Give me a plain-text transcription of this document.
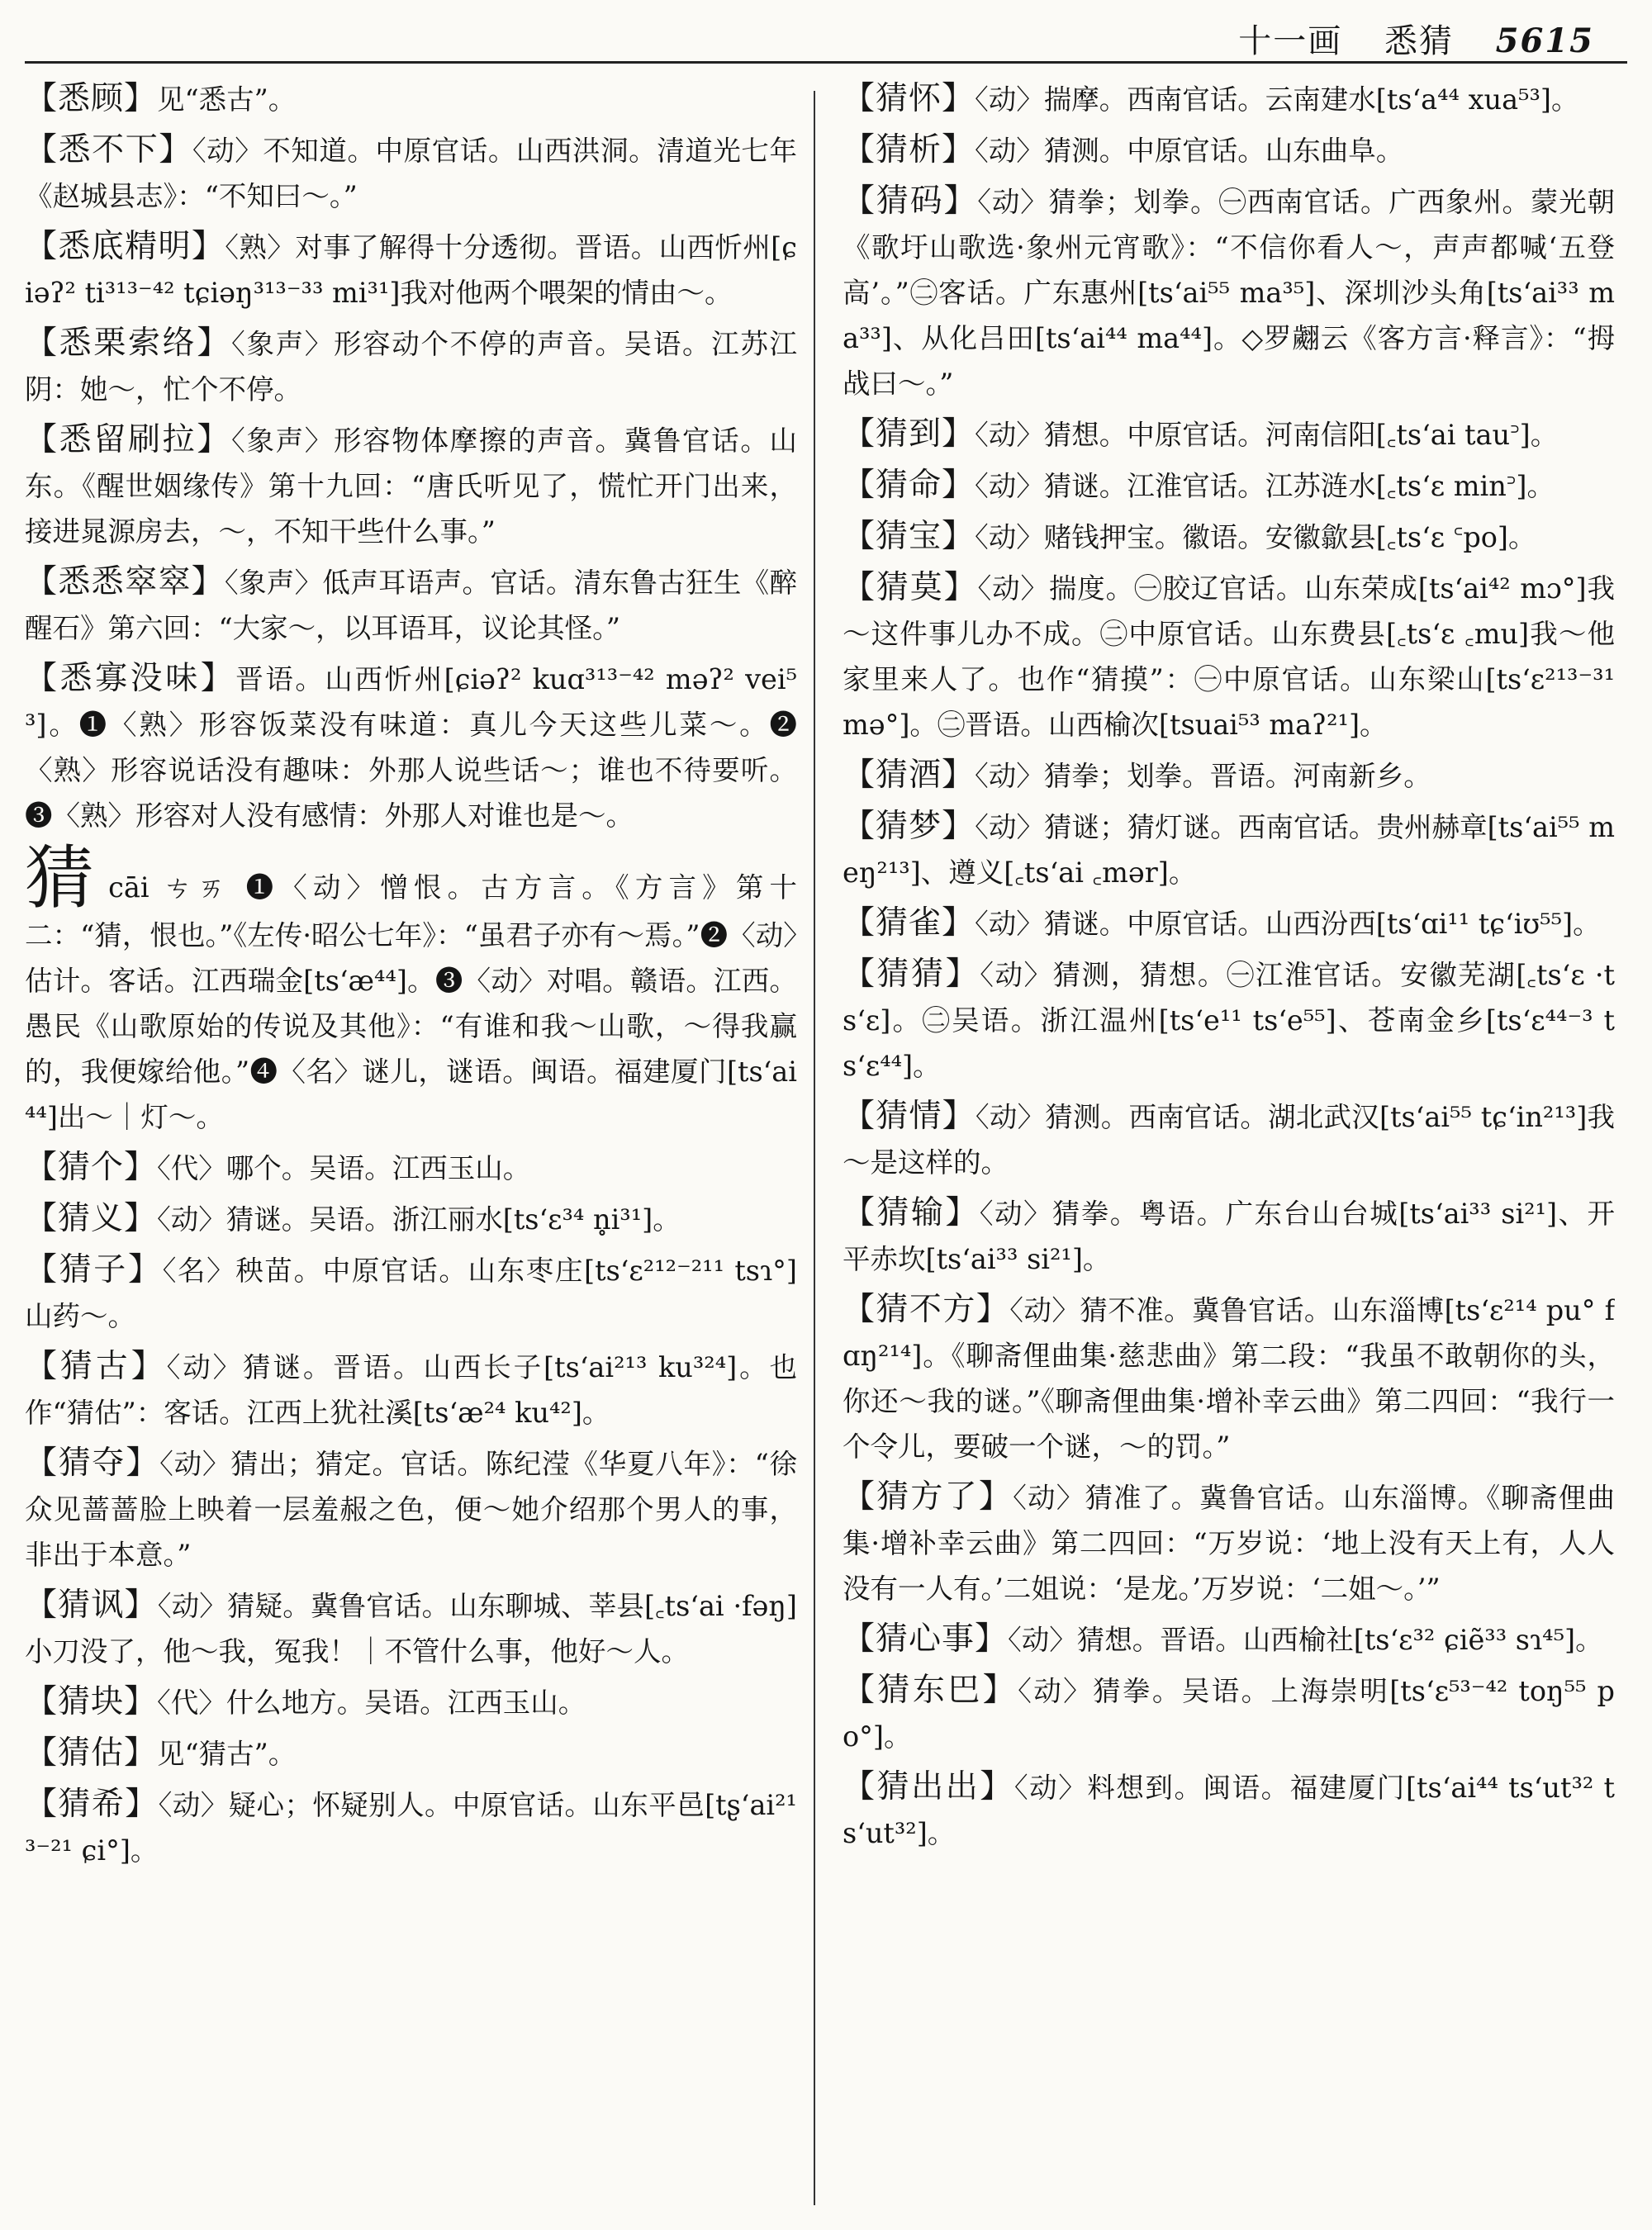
十一画 悉猜 5615

【悉顾】见“悉古”。

【悉不下】〈动〉不知道。中原官话。山西洪洞。清道光七年《赵城县志》：“不知曰～。”

【悉底精明】〈熟〉对事了解得十分透彻。晋语。山西忻州[ɕiəʔ² ti³¹³⁻⁴² tɕiəŋ³¹³⁻³³ mi³¹]我对他两个喂架的情由～。

【悉栗索络】〈象声〉形容动个不停的声音。吴语。江苏江阴：她～，忙个不停。

【悉留刷拉】〈象声〉形容物体摩擦的声音。冀鲁官话。山东。《醒世姻缘传》第十九回：“唐氏听见了，慌忙开门出来，接进晁源房去，～，不知干些什么事。”

【悉悉窣窣】〈象声〉低声耳语声。官话。清东鲁古狂生《醉醒石》第六回：“大家～，以耳语耳，议论其怪。”

【悉寡没味】晋语。山西忻州[ɕiəʔ² kuɑ³¹³⁻⁴² məʔ² vei⁵³]。❶〈熟〉形容饭菜没有味道：真儿今天这些儿菜～。❷〈熟〉形容说话没有趣味：外那人说些话～；谁也不待要听。❸〈熟〉形容对人没有感情：外那人对谁也是～。

猜cāi ㄘㄞ ❶〈动〉憎恨。古方言。《方言》第十二：“猜，恨也。”《左传·昭公七年》：“虽君子亦有～焉。”❷〈动〉估计。客话。江西瑞金[ts‘æ⁴⁴]。❸〈动〉对唱。赣语。江西。愚民《山歌原始的传说及其他》：“有谁和我～山歌，～得我赢的，我便嫁给他。”❹〈名〉谜儿，谜语。闽语。福建厦门[ts‘ai⁴⁴]出～｜灯～。

【猜个】〈代〉哪个。吴语。江西玉山。

【猜义】〈动〉猜谜。吴语。浙江丽水[ts‘ɛ³⁴ n̥i³¹]。

【猜子】〈名〉秧苗。中原官话。山东枣庄[ts‘ɛ²¹²⁻²¹¹ tsɿ°]山药～。

【猜古】〈动〉猜谜。晋语。山西长子[ts‘ai²¹³ ku³²⁴]。也作“猜估”：客话。江西上犹社溪[ts‘æ²⁴ ku⁴²]。

【猜夺】〈动〉猜出；猜定。官话。陈纪滢《华夏八年》：“徐众见蔷蔷脸上映着一层羞赧之色，便～她介绍那个男人的事，非出于本意。”

【猜讽】〈动〉猜疑。冀鲁官话。山东聊城、莘县[꜀ts‘ai ·fəŋ]小刀没了，他～我，冤我！｜不管什么事，他好～人。

【猜块】〈代〉什么地方。吴语。江西玉山。

【猜估】见“猜古”。

【猜希】〈动〉疑心；怀疑别人。中原官话。山东平邑[tʂ‘ai²¹³⁻²¹ ɕi°]。

【猜怀】〈动〉揣摩。西南官话。云南建水[ts‘a⁴⁴ xua⁵³]。

【猜析】〈动〉猜测。中原官话。山东曲阜。

【猜码】〈动〉猜拳；划拳。㊀西南官话。广西象州。蒙光朝《歌圩山歌选·象州元宵歌》：“不信你看人～，声声都喊‘五登高’。”㊁客话。广东惠州[ts‘ai⁵⁵ ma³⁵]、深圳沙头角[ts‘ai³³ ma³³]、从化吕田[ts‘ai⁴⁴ ma⁴⁴]。◇罗翽云《客方言·释言》：“拇战曰～。”

【猜到】〈动〉猜想。中原官话。河南信阳[꜀ts‘ai tau꜄]。

【猜命】〈动〉猜谜。江淮官话。江苏涟水[꜀ts‘ɛ min꜄]。

【猜宝】〈动〉赌钱押宝。徽语。安徽歙县[꜀ts‘ɛ ꜂po]。

【猜莫】〈动〉揣度。㊀胶辽官话。山东荣成[ts‘ai⁴² mɔ°]我～这件事儿办不成。㊁中原官话。山东费县[꜀ts‘ɛ ꜀mu]我～他家里来人了。也作“猜摸”：㊀中原官话。山东梁山[ts‘ɛ²¹³⁻³¹ mə°]。㊁晋语。山西榆次[tsuai⁵³ maʔ²¹]。

【猜酒】〈动〉猜拳；划拳。晋语。河南新乡。

【猜梦】〈动〉猜谜；猜灯谜。西南官话。贵州赫章[ts‘ai⁵⁵ meŋ²¹³]、遵义[꜀ts‘ai ꜀mər]。

【猜雀】〈动〉猜谜。中原官话。山西汾西[ts‘ɑi¹¹ tɕ‘iʊ⁵⁵]。

【猜猜】〈动〉猜测，猜想。㊀江淮官话。安徽芜湖[꜀ts‘ɛ ·ts‘ɛ]。㊁吴语。浙江温州[ts‘e¹¹ ts‘e⁵⁵]、苍南金乡[ts‘ɛ⁴⁴⁻³ ts‘ɛ⁴⁴]。

【猜情】〈动〉猜测。西南官话。湖北武汉[ts‘ai⁵⁵ tɕ‘in²¹³]我～是这样的。

【猜输】〈动〉猜拳。粤语。广东台山台城[ts‘ai³³ si²¹]、开平赤坎[ts‘ai³³ si²¹]。

【猜不方】〈动〉猜不准。冀鲁官话。山东淄博[ts‘ɛ²¹⁴ pu° fɑŋ²¹⁴]。《聊斋俚曲集·慈悲曲》第二段：“我虽不敢朝你的头，你还～我的谜。”《聊斋俚曲集·增补幸云曲》第二四回：“我行一个令儿，要破一个谜，～的罚。”

【猜方了】〈动〉猜准了。冀鲁官话。山东淄博。《聊斋俚曲集·增补幸云曲》第二四回：“万岁说：‘地上没有天上有，人人没有一人有。’二姐说：‘是龙。’万岁说：‘二姐～。’”

【猜心事】〈动〉猜想。晋语。山西榆社[ts‘ɛ³² ɕiẽ³³ sɿ⁴⁵]。

【猜东巴】〈动〉猜拳。吴语。上海崇明[ts‘ɛ⁵³⁻⁴² toŋ⁵⁵ po°]。

【猜出出】〈动〉料想到。闽语。福建厦门[ts‘ai⁴⁴ ts‘ut³² ts‘ut³²]。
